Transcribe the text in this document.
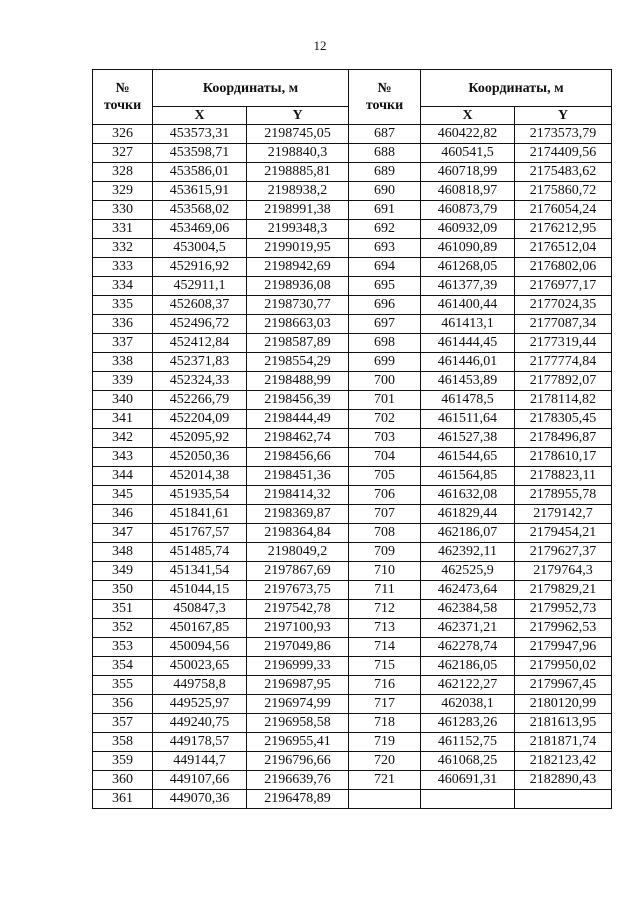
12
№ точки	Координаты, м		№ точки	Координаты, м	
	X	Y		X	Y
326	453573,31	2198745,05	687	460422,82	2173573,79
327	453598,71	2198840,3	688	460541,5	2174409,56
328	453586,01	2198885,81	689	460718,99	2175483,62
329	453615,91	2198938,2	690	460818,97	2175860,72
330	453568,02	2198991,38	691	460873,79	2176054,24
331	453469,06	2199348,3	692	460932,09	2176212,95
332	453004,5	2199019,95	693	461090,89	2176512,04
333	452916,92	2198942,69	694	461268,05	2176802,06
334	452911,1	2198936,08	695	461377,39	2176977,17
335	452608,37	2198730,77	696	461400,44	2177024,35
336	452496,72	2198663,03	697	461413,1	2177087,34
337	452412,84	2198587,89	698	461444,45	2177319,44
338	452371,83	2198554,29	699	461446,01	2177774,84
339	452324,33	2198488,99	700	461453,89	2177892,07
340	452266,79	2198456,39	701	461478,5	2178114,82
341	452204,09	2198444,49	702	461511,64	2178305,45
342	452095,92	2198462,74	703	461527,38	2178496,87
343	452050,36	2198456,66	704	461544,65	2178610,17
344	452014,38	2198451,36	705	461564,85	2178823,11
345	451935,54	2198414,32	706	461632,08	2178955,78
346	451841,61	2198369,87	707	461829,44	2179142,7
347	451767,57	2198364,84	708	462186,07	2179454,21
348	451485,74	2198049,2	709	462392,11	2179627,37
349	451341,54	2197867,69	710	462525,9	2179764,3
350	451044,15	2197673,75	711	462473,64	2179829,21
351	450847,3	2197542,78	712	462384,58	2179952,73
352	450167,85	2197100,93	713	462371,21	2179962,53
353	450094,56	2197049,86	714	462278,74	2179947,96
354	450023,65	2196999,33	715	462186,05	2179950,02
355	449758,8	2196987,95	716	462122,27	2179967,45
356	449525,97	2196974,99	717	462038,1	2180120,99
357	449240,75	2196958,58	718	461283,26	2181613,95
358	449178,57	2196955,41	719	461152,75	2181871,74
359	449144,7	2196796,66	720	461068,25	2182123,42
360	449107,66	2196639,76	721	460691,31	2182890,43
361	449070,36	2196478,89			
